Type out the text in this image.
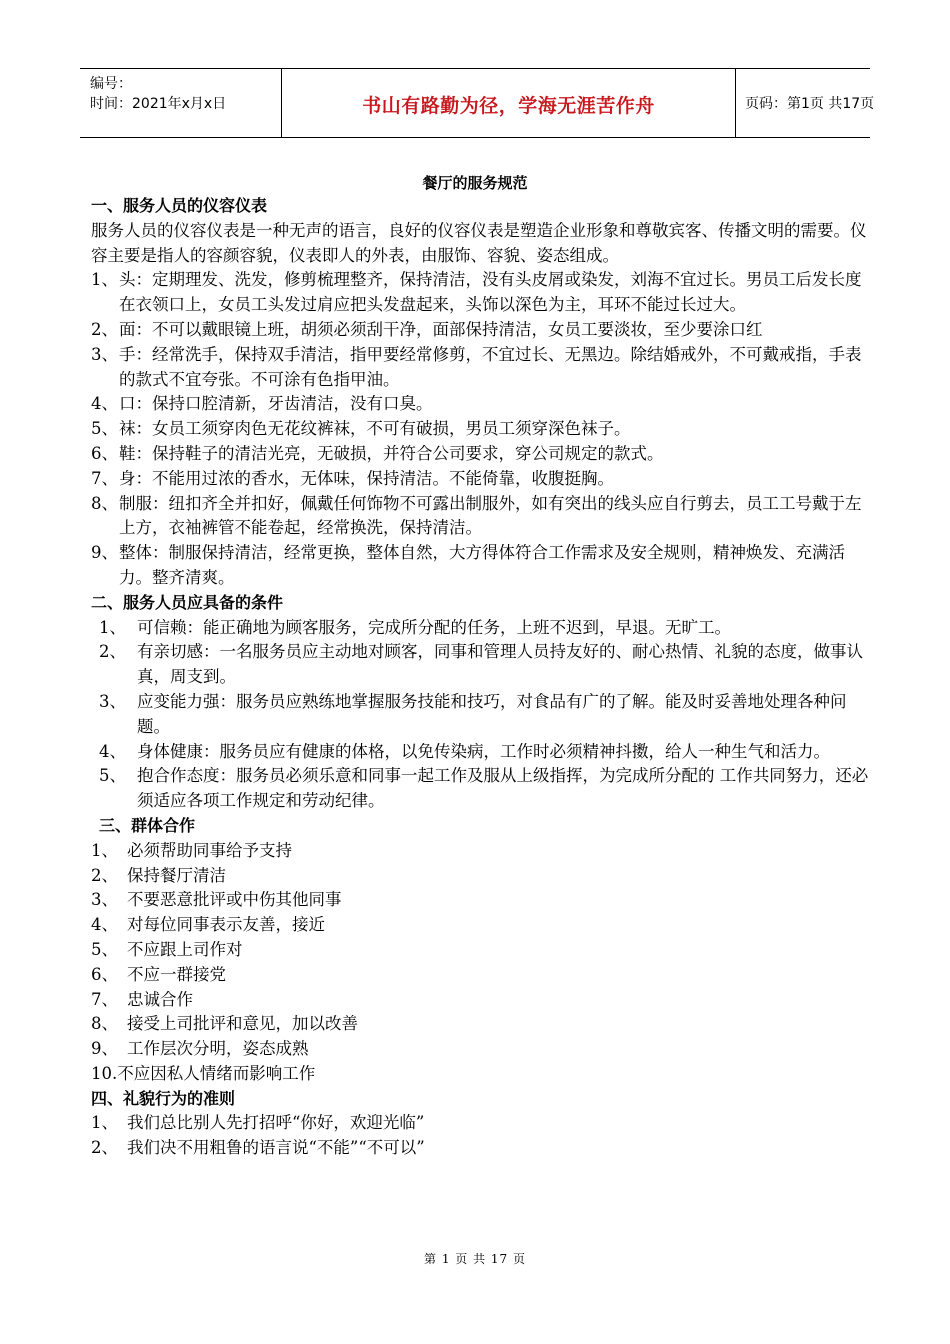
编号：
时间：2021年x月x日	书山有路勤为径，学海无涯苦作舟	页码：第1页 共17页
餐厅的服务规范
一、服务人员的仪容仪表

服务人员的仪容仪表是一种无声的语言，良好的仪容仪表是塑造企业形象和尊敬宾客、传播文明的需要。仪容主要是指人的容颜容貌，仪表即人的外表，由服饰、容貌、姿态组成。

1、 头：定期理发、洗发，修剪梳理整齐，保持清洁，没有头皮屑或染发，刘海不宜过长。男员工后发长度在衣领口上，女员工头发过肩应把头发盘起来，头饰以深色为主，耳环不能过长过大。
2、 面：不可以戴眼镜上班，胡须必须刮干净，面部保持清洁，女员工要淡妆，至少要涂口红
3、 手：经常洗手，保持双手清洁，指甲要经常修剪，不宜过长、无黑边。除结婚戒外，不可戴戒指，手表的款式不宜夸张。不可涂有色指甲油。
4、 口：保持口腔清新，牙齿清洁，没有口臭。
5、 袜：女员工须穿肉色无花纹裤袜，不可有破损，男员工须穿深色袜子。
6、 鞋：保持鞋子的清洁光亮，无破损，并符合公司要求，穿公司规定的款式。
7、 身：不能用过浓的香水，无体味，保持清洁。不能倚靠，收腹挺胸。
8、 制服：纽扣齐全并扣好，佩戴任何饰物不可露出制服外，如有突出的线头应自行剪去，员工工号戴于左上方，衣袖裤管不能卷起，经常换洗，保持清洁。
9、 整体：制服保持清洁，经常更换，整体自然，大方得体符合工作需求及安全规则，精神焕发、充满活力。整齐清爽。
二、服务人员应具备的条件
1、 可信赖：能正确地为顾客服务，完成所分配的任务，上班不迟到，早退。无旷工。
2、 有亲切感：一名服务员应主动地对顾客，同事和管理人员持友好的、耐心热情、礼貌的态度，做事认真，周支到。
3、 应变能力强：服务员应熟练地掌握服务技能和技巧，对食品有广的了解。能及时妥善地处理各种问题。
4、 身体健康：服务员应有健康的体格，以免传染病，工作时必须精神抖擞，给人一种生气和活力。
5、 抱合作态度：服务员必须乐意和同事一起工作及服从上级指挥，为完成所分配的 工作共同努力，还必须适应各项工作规定和劳动纪律。
三、群体合作
1、 必须帮助同事给予支持
2、 保持餐厅清洁
3、 不要恶意批评或中伤其他同事
4、 对每位同事表示友善，接近
5、 不应跟上司作对
6、 不应一群接党
7、 忠诚合作
8、 接受上司批评和意见，加以改善
9、 工作层次分明，姿态成熟
10.不应因私人情绪而影响工作
四、礼貌行为的准则
1、 我们总比别人先打招呼“你好，欢迎光临”
2、 我们决不用粗鲁的语言说“不能”“不可以”
第 1 页 共 17 页
